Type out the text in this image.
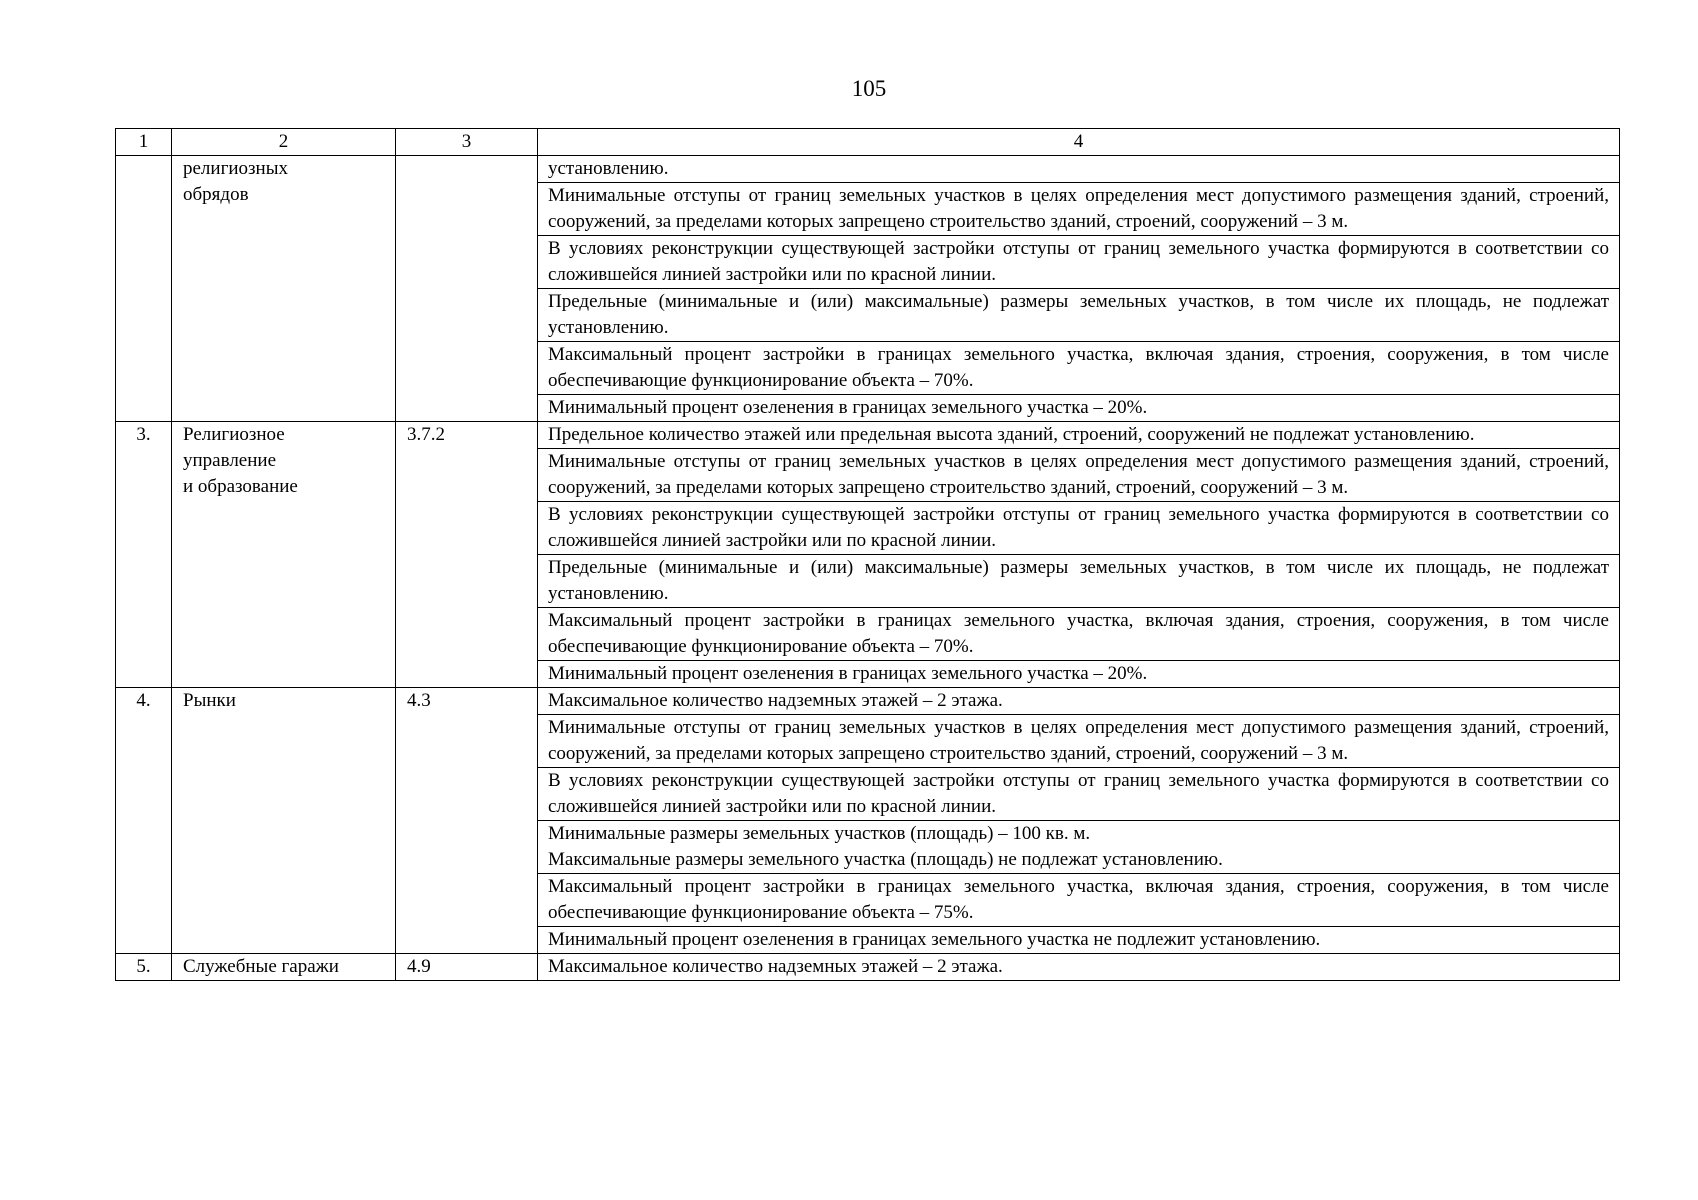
105
1	2	3	4

	религиозных
обрядов		установлению.

			Минимальные отступы от границ земельных участков в целях определения мест допустимого размещения зданий, строений, сооружений, за пределами которых запрещено строительство зданий, строений, сооружений – 3 м.

			В условиях реконструкции существующей застройки отступы от границ земельного участка формируются в соответствии со сложившейся линией застройки или по красной линии.

			Предельные (минимальные и (или) максимальные) размеры земельных участков, в том числе их площадь, не подлежат установлению.

			Максимальный процент застройки в границах земельного участка, включая здания, строения, сооружения, в том числе обеспечивающие функционирование объекта – 70%.

			Минимальный процент озеленения в границах земельного участка – 20%.

3.	Религиозное
управление
и образование	3.7.2	Предельное количество этажей или предельная высота зданий, строений, сооружений не подлежат установлению.

			Минимальные отступы от границ земельных участков в целях определения мест допустимого размещения зданий, строений, сооружений, за пределами которых запрещено строительство зданий, строений, сооружений – 3 м.

			В условиях реконструкции существующей застройки отступы от границ земельного участка формируются в соответствии со сложившейся линией застройки или по красной линии.

			Предельные (минимальные и (или) максимальные) размеры земельных участков, в том числе их площадь, не подлежат установлению.

			Максимальный процент застройки в границах земельного участка, включая здания, строения, сооружения, в том числе обеспечивающие функционирование объекта – 70%.

			Минимальный процент озеленения в границах земельного участка – 20%.

4.	Рынки	4.3	Максимальное количество надземных этажей – 2 этажа.

			Минимальные отступы от границ земельных участков в целях определения мест допустимого размещения зданий, строений, сооружений, за пределами которых запрещено строительство зданий, строений, сооружений – 3 м.

			В условиях реконструкции существующей застройки отступы от границ земельного участка формируются в соответствии со сложившейся линией застройки или по красной линии.

			Минимальные размеры земельных участков (площадь) – 100 кв. м.
Максимальные размеры земельного участка (площадь) не подлежат установлению.

			Максимальный процент застройки в границах земельного участка, включая здания, строения, сооружения, в том числе обеспечивающие функционирование объекта – 75%.

			Минимальный процент озеленения в границах земельного участка не подлежит установлению.

5.	Служебные гаражи	4.9	Максимальное количество надземных этажей – 2 этажа.
